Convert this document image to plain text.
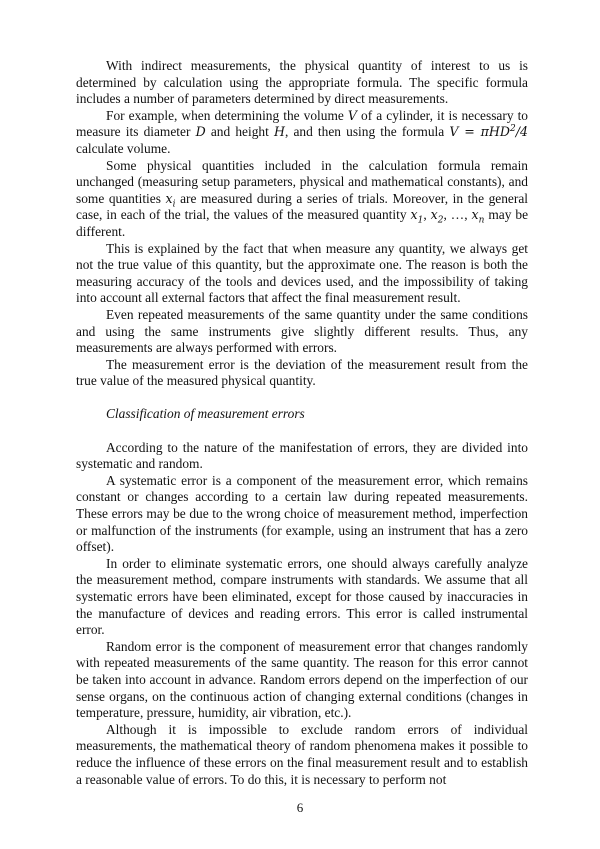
With indirect measurements, the physical quantity of interest to us is determined by calculation using the appropriate formula. The specific formula includes a number of parameters determined by direct measurements.

For example, when determining the volume V of a cylinder, it is necessary to measure its diameter D and height H, and then using the formula V = πHD$^2$/4 calculate volume.

Some physical quantities included in the calculation formula remain unchanged (measuring setup parameters, physical and mathematical constants), and some quantities $x_i$ are measured during a series of trials. Moreover, in the general case, in each of the trial, the values of the measured quantity $x_1$, $x_2$, …, $x_n$ may be different.

This is explained by the fact that when measure any quantity, we always get not the true value of this quantity, but the approximate one. The reason is both the measuring accuracy of the tools and devices used, and the impossibility of taking into account all external factors that affect the final measurement result.

Even repeated measurements of the same quantity under the same conditions and using the same instruments give slightly different results. Thus, any measurements are always performed with errors.

The measurement error is the deviation of the measurement result from the true value of the measured physical quantity.

Classification of measurement errors

According to the nature of the manifestation of errors, they are divided into systematic and random.

A systematic error is a component of the measurement error, which remains constant or changes according to a certain law during repeated measurements. These errors may be due to the wrong choice of measurement method, imperfection or malfunction of the instruments (for example, using an instrument that has a zero offset).

In order to eliminate systematic errors, one should always carefully analyze the measurement method, compare instruments with standards. We assume that all systematic errors have been eliminated, except for those caused by inaccuracies in the manufacture of devices and reading errors. This error is called instrumental error.

Random error is the component of measurement error that changes randomly with repeated measurements of the same quantity. The reason for this error cannot be taken into account in advance. Random errors depend on the imperfection of our sense organs, on the continuous action of changing external conditions (changes in temperature, pressure, humidity, air vibration, etc.).

Although it is impossible to exclude random errors of individual measurements, the mathematical theory of random phenomena makes it possible to reduce the influence of these errors on the final measurement result and to establish a reasonable value of errors. To do this, it is necessary to perform not

6
